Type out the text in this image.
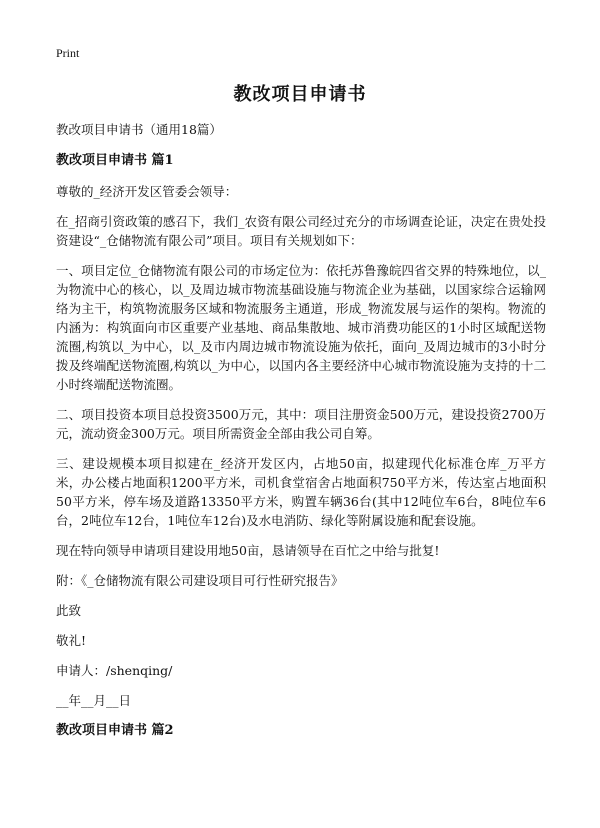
Print
教改项目申请书

教改项目申请书（通用18篇）

教改项目申请书 篇1

尊敬的_经济开发区管委会领导：

在_招商引资政策的感召下，我们_农资有限公司经过充分的市场调查论证，决定在贵处投资建设“_仓储物流有限公司”项目。项目有关规划如下：

一、项目定位_仓储物流有限公司的市场定位为：依托苏鲁豫皖四省交界的特殊地位，以_为物流中心的核心，以_及周边城市物流基础设施与物流企业为基础，以国家综合运输网络为主干，构筑物流服务区域和物流服务主通道，形成_物流发展与运作的架构。物流的内涵为：构筑面向市区重要产业基地、商品集散地、城市消费功能区的1小时区域配送物流圈,构筑以_为中心，以_及市内周边城市物流设施为依托，面向_及周边城市的3小时分拨及终端配送物流圈,构筑以_为中心，以国内各主要经济中心城市物流设施为支持的十二小时终端配送物流圈。

二、项目投资本项目总投资3500万元，其中：项目注册资金500万元，建设投资2700万元，流动资金300万元。项目所需资金全部由我公司自筹。

三、建设规模本项目拟建在_经济开发区内，占地50亩，拟建现代化标准仓库_万平方米，办公楼占地面积1200平方米，司机食堂宿舍占地面积750平方米，传达室占地面积50平方米，停车场及道路13350平方米，购置车辆36台(其中12吨位车6台，8吨位车6台，2吨位车12台，1吨位车12台)及水电消防、绿化等附属设施和配套设施。

现在特向领导申请项目建设用地50亩，恳请领导在百忙之中给与批复!

附：《_仓储物流有限公司建设项目可行性研究报告》

此致

敬礼!

申请人：/shenqing/

__年__月__日

教改项目申请书 篇2
